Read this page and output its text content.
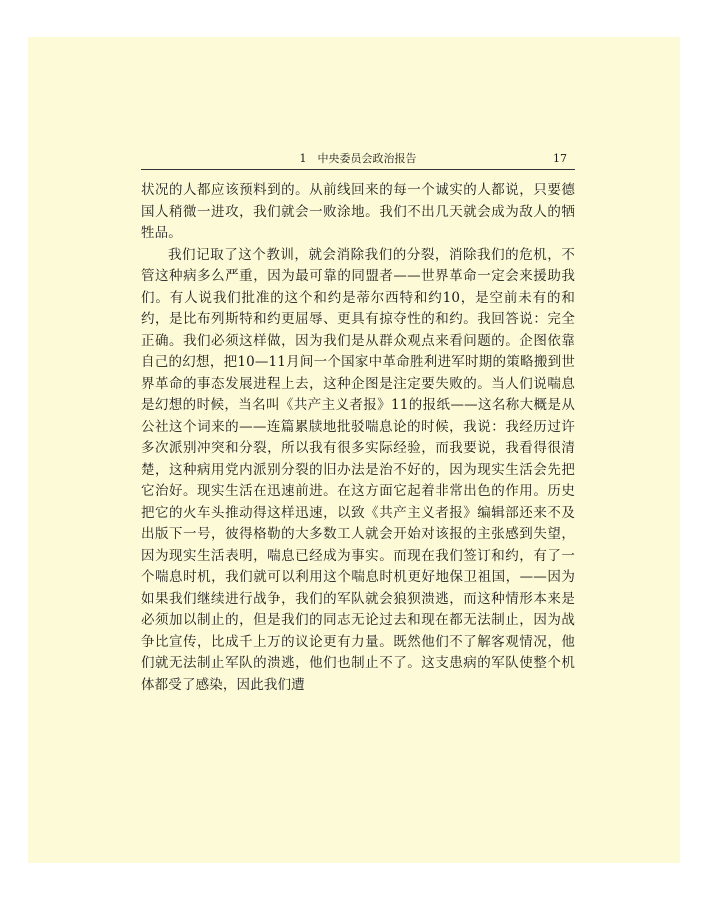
1　中央委员会政治报告	17

状况的人都应该预料到的。从前线回来的每一个诚实的人都说，只要德国人稍微一进攻，我们就会一败涂地。我们不出几天就会成为敌人的牺牲品。

我们记取了这个教训，就会消除我们的分裂，消除我们的危机，不管这种病多么严重，因为最可靠的同盟者——世界革命一定会来援助我们。有人说我们批准的这个和约是蒂尔西特和约10，是空前未有的和约，是比布列斯特和约更屈辱、更具有掠夺性的和约。我回答说：完全正确。我们必须这样做，因为我们是从群众观点来看问题的。企图依靠自己的幻想，把10—11月间一个国家中革命胜利进军时期的策略搬到世界革命的事态发展进程上去，这种企图是注定要失败的。当人们说喘息是幻想的时候，当名叫《共产主义者报》11的报纸——这名称大概是从公社这个词来的——连篇累牍地批驳喘息论的时候，我说：我经历过许多次派别冲突和分裂，所以我有很多实际经验，而我要说，我看得很清楚，这种病用党内派别分裂的旧办法是治不好的，因为现实生活会先把它治好。现实生活在迅速前进。在这方面它起着非常出色的作用。历史把它的火车头推动得这样迅速，以致《共产主义者报》编辑部还来不及出版下一号，彼得格勒的大多数工人就会开始对该报的主张感到失望，因为现实生活表明，喘息已经成为事实。而现在我们签订和约，有了一个喘息时机，我们就可以利用这个喘息时机更好地保卫祖国，——因为如果我们继续进行战争，我们的军队就会狼狈溃逃，而这种情形本来是必须加以制止的，但是我们的同志无论过去和现在都无法制止，因为战争比宣传，比成千上万的议论更有力量。既然他们不了解客观情况，他们就无法制止军队的溃逃，他们也制止不了。这支患病的军队使整个机体都受了感染，因此我们遭
